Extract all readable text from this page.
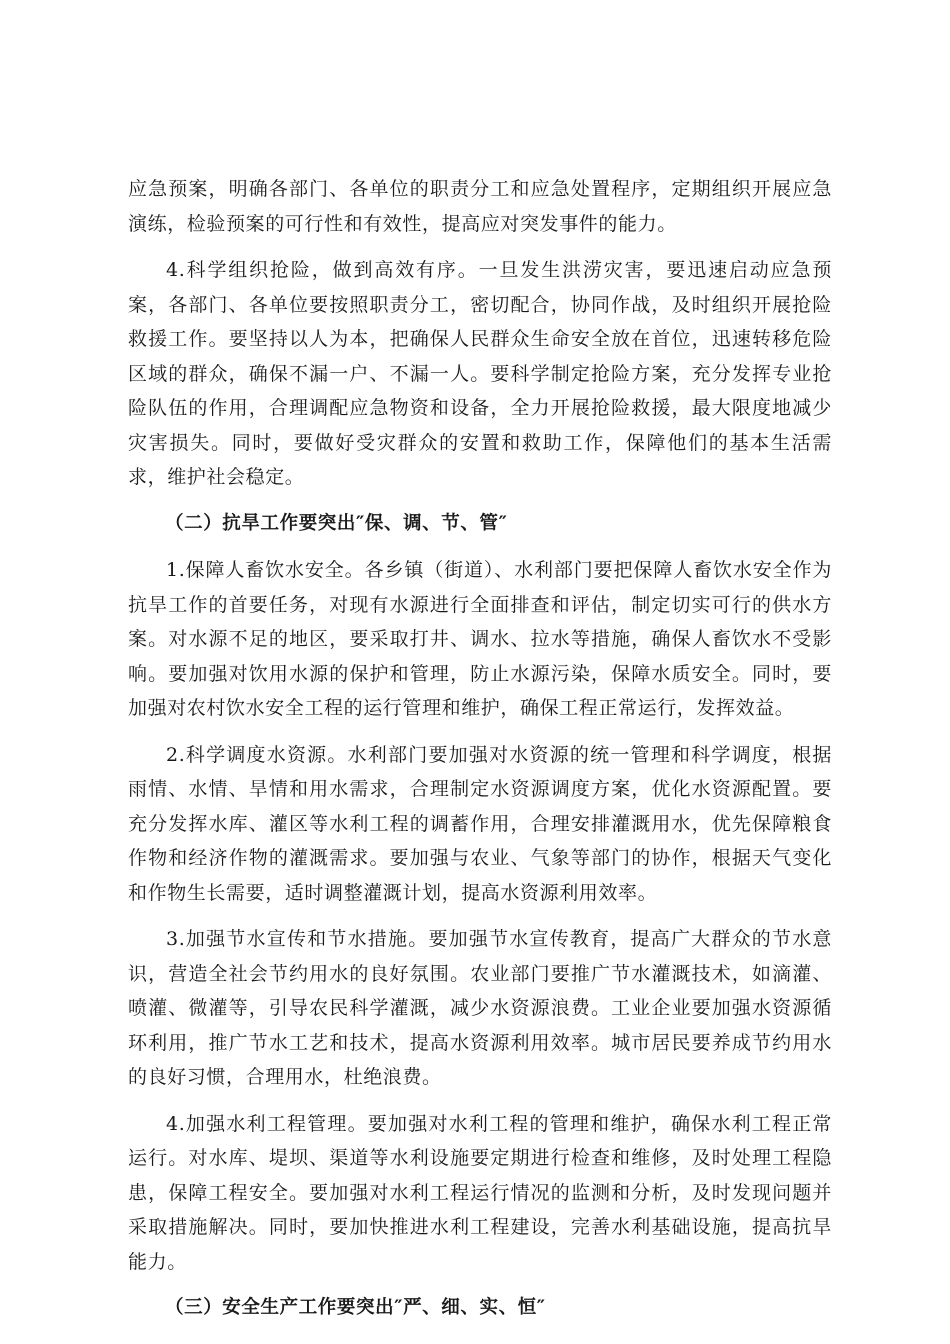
应急预案，明确各部门、各单位的职责分工和应急处置程序，定期组织开展应急演练，检验预案的可行性和有效性，提高应对突发事件的能力。

4.科学组织抢险，做到高效有序。一旦发生洪涝灾害，要迅速启动应急预案，各部门、各单位要按照职责分工，密切配合，协同作战，及时组织开展抢险救援工作。要坚持以人为本，把确保人民群众生命安全放在首位，迅速转移危险区域的群众，确保不漏一户、不漏一人。要科学制定抢险方案，充分发挥专业抢险队伍的作用，合理调配应急物资和设备，全力开展抢险救援，最大限度地减少灾害损失。同时，要做好受灾群众的安置和救助工作，保障他们的基本生活需求，维护社会稳定。

（二）抗旱工作要突出″保、调、节、管″

1.保障人畜饮水安全。各乡镇（街道）、水利部门要把保障人畜饮水安全作为抗旱工作的首要任务，对现有水源进行全面排查和评估，制定切实可行的供水方案。对水源不足的地区，要采取打井、调水、拉水等措施，确保人畜饮水不受影响。要加强对饮用水源的保护和管理，防止水源污染，保障水质安全。同时，要加强对农村饮水安全工程的运行管理和维护，确保工程正常运行，发挥效益。

2.科学调度水资源。水利部门要加强对水资源的统一管理和科学调度，根据雨情、水情、旱情和用水需求，合理制定水资源调度方案，优化水资源配置。要充分发挥水库、灌区等水利工程的调蓄作用，合理安排灌溉用水，优先保障粮食作物和经济作物的灌溉需求。要加强与农业、气象等部门的协作，根据天气变化和作物生长需要，适时调整灌溉计划，提高水资源利用效率。

3.加强节水宣传和节水措施。要加强节水宣传教育，提高广大群众的节水意识，营造全社会节约用水的良好氛围。农业部门要推广节水灌溉技术，如滴灌、喷灌、微灌等，引导农民科学灌溉，减少水资源浪费。工业企业要加强水资源循环利用，推广节水工艺和技术，提高水资源利用效率。城市居民要养成节约用水的良好习惯，合理用水，杜绝浪费。

4.加强水利工程管理。要加强对水利工程的管理和维护，确保水利工程正常运行。对水库、堤坝、渠道等水利设施要定期进行检查和维修，及时处理工程隐患，保障工程安全。要加强对水利工程运行情况的监测和分析，及时发现问题并采取措施解决。同时，要加快推进水利工程建设，完善水利基础设施，提高抗旱能力。

（三）安全生产工作要突出″严、细、实、恒″
